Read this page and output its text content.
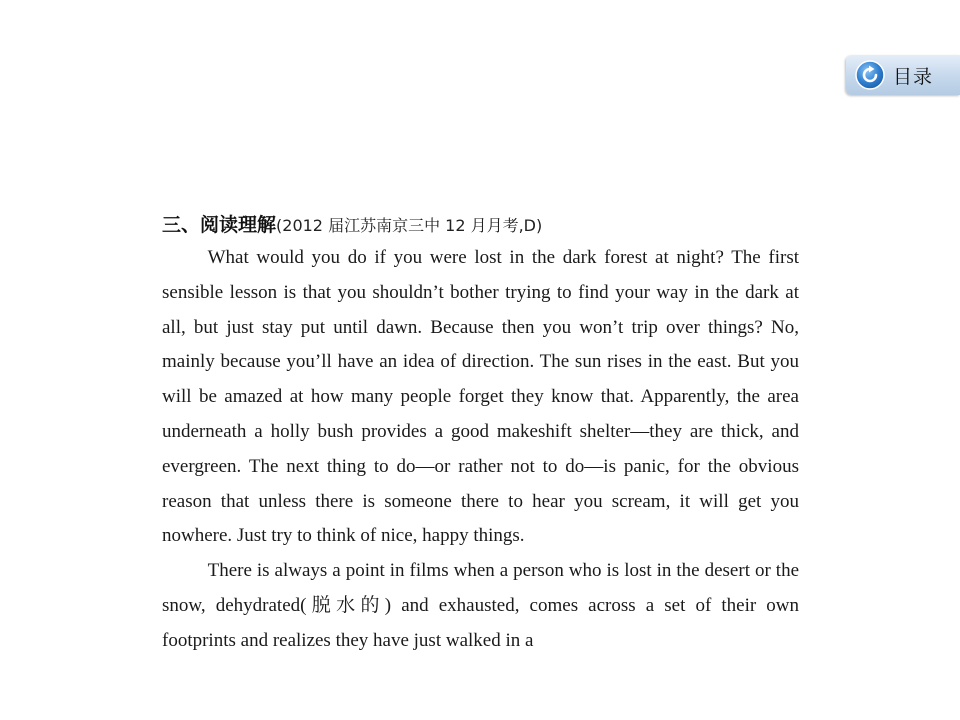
目录
三、阅读理解(2012 届江苏南京三中 12 月月考,D)

What would you do if you were lost in the dark forest at night? The first sensible lesson is that you shouldn’t bother trying to find your way in the dark at all, but just stay put until dawn. Because then you won’t trip over things? No, mainly because you’ll have an idea of direction. The sun rises in the east. But you will be amazed at how many people forget they know that. Apparently, the area underneath a holly bush provides a good makeshift shelter—they are thick, and evergreen. The next thing to do—or rather not to do—is panic, for the obvious reason that unless there is someone there to hear you scream, it will get you nowhere. Just try to think of nice, happy things.

There is always a point in films when a person who is lost in the desert or the snow, dehydrated(脱水的) and exhausted, comes across a set of their own footprints and realizes they have just walked in a
